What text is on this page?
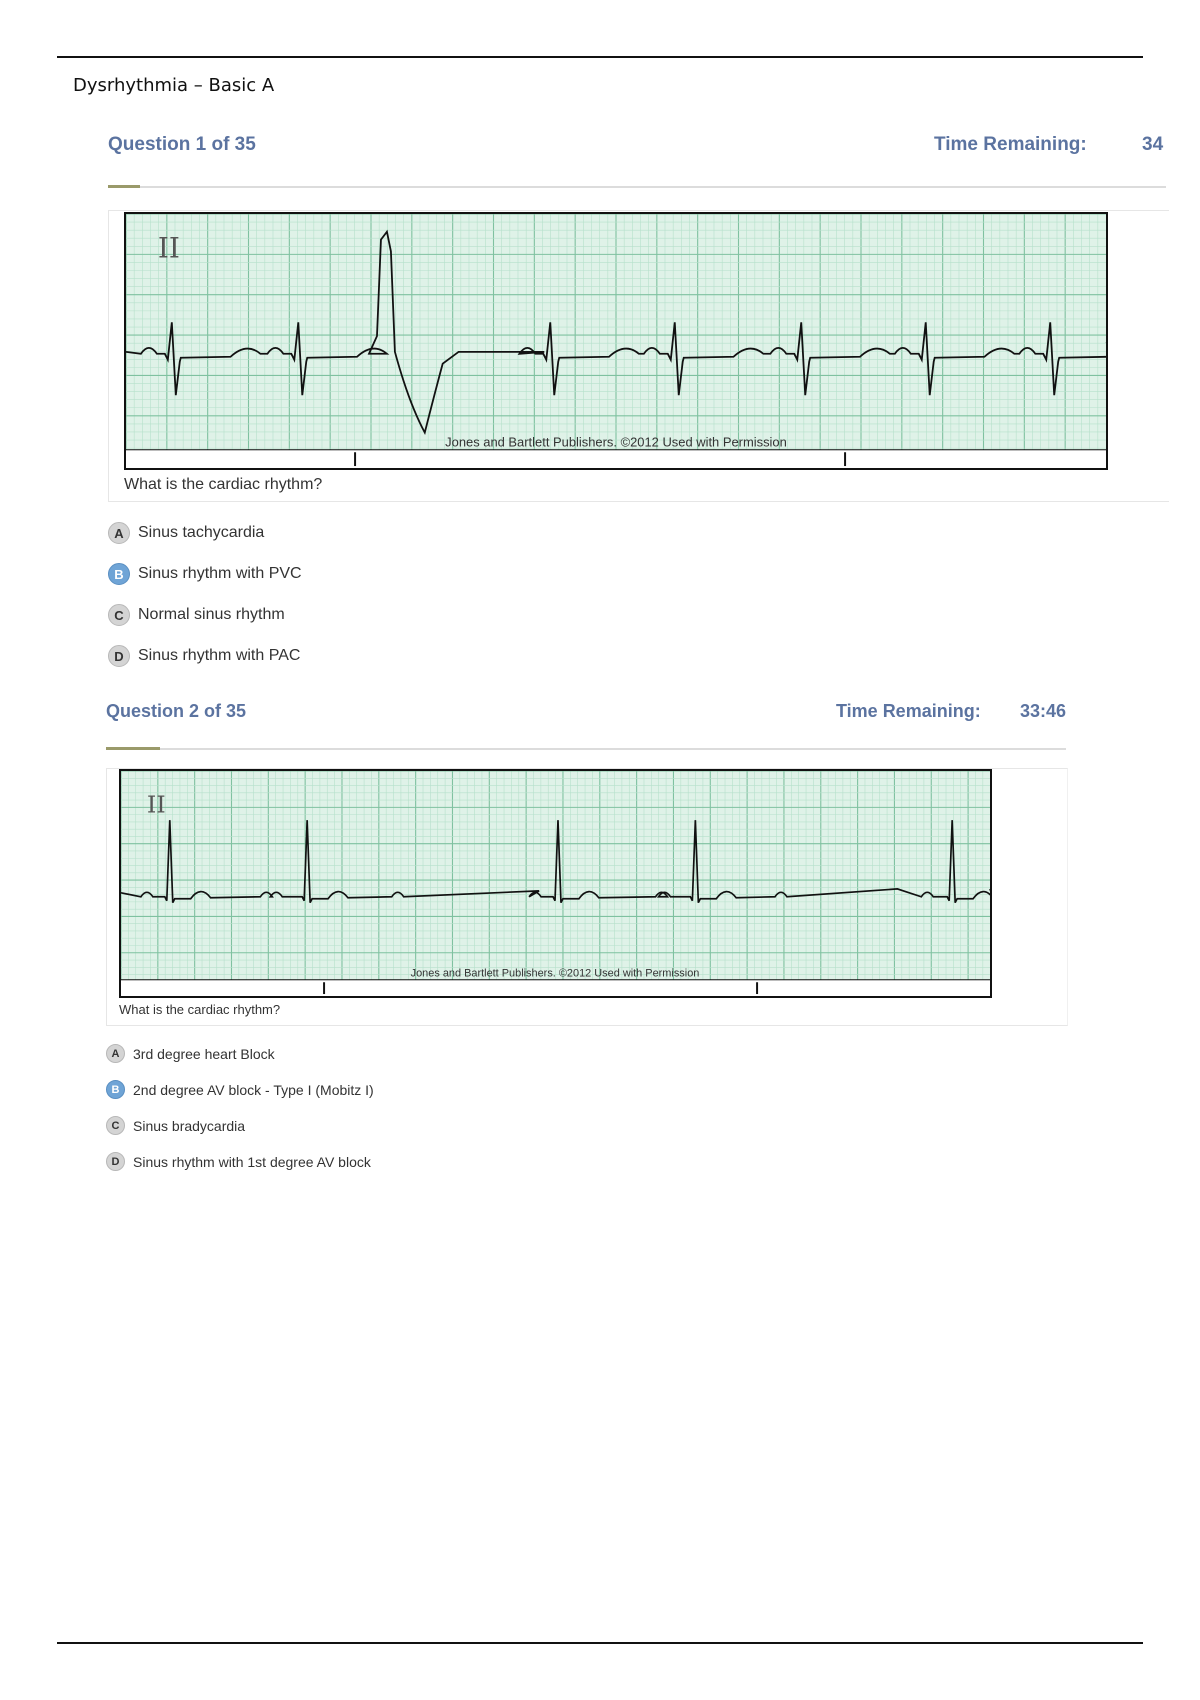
Dysrhythmia – Basic A
Question 1 of 35	Time Remaining:	34
II
Jones and Bartlett Publishers. ©2012 Used with Permission
What is the cardiac rhythm?
A Sinus tachycardia
B Sinus rhythm with PVC
C Normal sinus rhythm
D Sinus rhythm with PAC
Question 2 of 35	Time Remaining: 33:46
II
Jones and Bartlett Publishers. ©2012 Used with Permission
What is the cardiac rhythm?
A 3rd degree heart Block
B 2nd degree AV block - Type I (Mobitz I)
C Sinus bradycardia
D Sinus rhythm with 1st degree AV block
